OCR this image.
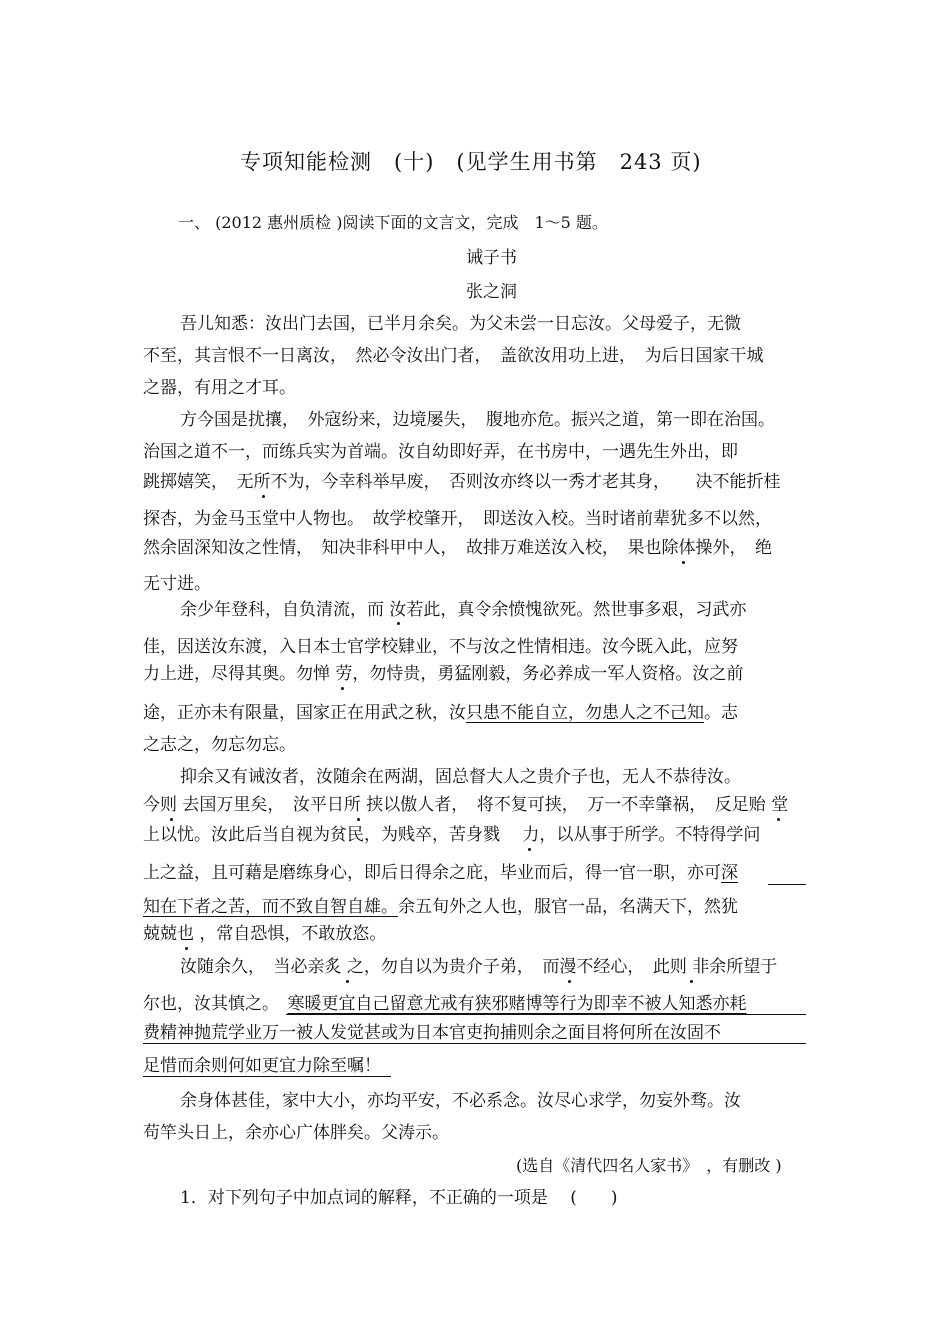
专项知能检测　(十)　(见学生用书第　243 页)
一、 (2012 惠州质检 )阅读下面的文言文，完成　1～5 题。
诫子书
张之洞
吾儿知悉：汝出门去国，已半月余矣。为父未尝一日忘汝。父母爱子，无微
不至，其言恨不一日离汝，　然必令汝出门者，　盖欲汝用功上进，　为后日国家干城
之器，有用之才耳。
方今国是扰攘，　外寇纷来，边境屡失，　腹地亦危。振兴之道，第一即在治国。
治国之道不一，而练兵实为首端。汝自幼即好弄，在书房中，一遇先生外出，即
跳掷嬉笑，　无所不为，今幸科举早废，　否则汝亦终以一秀才老其身，　　决不能折桂
探杏，为金马玉堂中人物也。　故学校肇开，　即送汝入校。当时诸前辈犹多不以然，
然余固深知汝之性情，　知决非科甲中人，　故排万难送汝入校，　果也除体操外，　绝
无寸进。
余少年登科，自负清流，而 汝若此，真令余愤愧欲死。然世事多艰，习武亦
佳，因送汝东渡，入日本士官学校肄业，不与汝之性情相违。汝今既入此，应努
力上进，尽得其奥。勿惮 劳，勿恃贵，勇猛刚毅，务必养成一军人资格。汝之前
途，正亦未有限量，国家正在用武之秋，汝只患不能自立，勿患人之不己知。志
之志之，勿忘勿忘。
抑余又有诫汝者，汝随余在两湖，固总督大人之贵介子也，无人不恭待汝。
今则 去国万里矣，　汝平日所 挟以傲人者，　将不复可挟，　万一不幸肇祸，　反足贻 堂
上以忧。汝此后当自视为贫民，为贱卒，苦身戮　 力，以从事于所学。不特得学问
上之益，且可藉是磨练身心，即后日得余之庇，毕业而后，得一官一职，亦可深
知在下者之苦，而不致自智自雄。余五旬外之人也，服官一品，名满天下，然犹
兢兢也 ，常自恐惧，不敢放恣。
汝随余久，　当必亲炙 之，勿自以为贵介子弟，　而漫不经心，　此则 非余所望于
尔也，汝其慎之。　 寒暖更宜自己留意尤戒有狭邪赌博等行为即幸不被人知悉亦耗
费精神抛荒学业万一被人发觉甚或为日本官吏拘捕则余之面目将何所在汝固不
足惜而余则何如更宜力除至嘱！
余身体甚佳，家中大小，亦均平安，不必系念。汝尽心求学，勿妄外骛。汝
苟竿头日上，余亦心广体胖矣。父涛示。
(选自《清代四名人家书》　，有删改 )
1．对下列句子中加点词的解释，不正确的一项是　 (　　)
